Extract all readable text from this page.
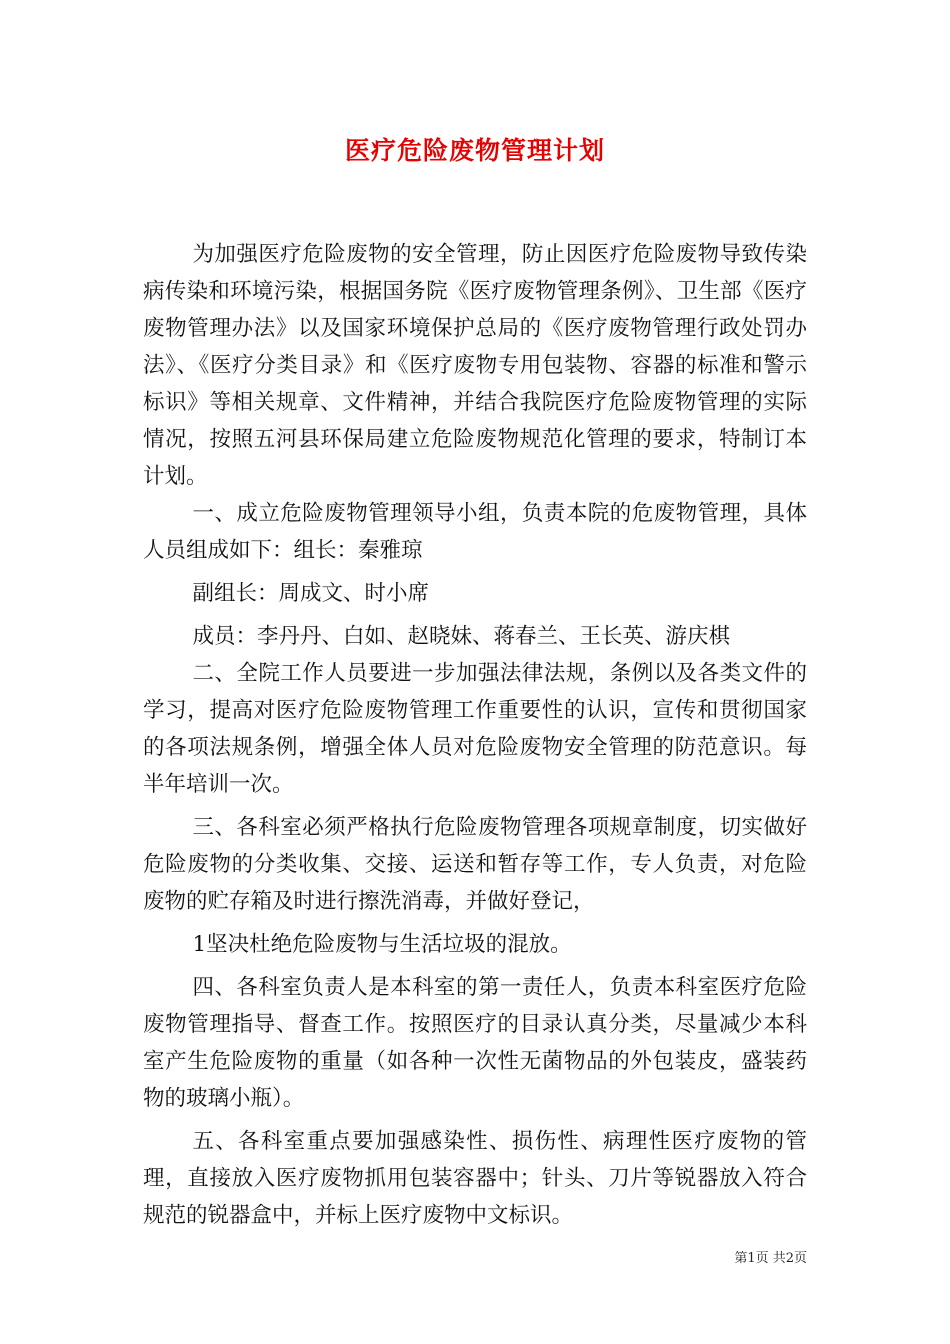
医疗危险废物管理计划

为加强医疗危险废物的安全管理，防止因医疗危险废物导致传染病传染和环境污染，根据国务院《医疗废物管理条例》、卫生部《医疗废物管理办法》以及国家环境保护总局的《医疗废物管理行政处罚办法》、《医疗分类目录》和《医疗废物专用包装物、容器的标准和警示标识》等相关规章、文件精神，并结合我院医疗危险废物管理的实际情况，按照五河县环保局建立危险废物规范化管理的要求，特制订本计划。

一、成立危险废物管理领导小组，负责本院的危废物管理，具体人员组成如下：组长：秦雅琼

副组长：周成文、时小席

成员：李丹丹、白如、赵晓妹、蒋春兰、王长英、游庆棋

二、全院工作人员要进一步加强法律法规，条例以及各类文件的学习，提高对医疗危险废物管理工作重要性的认识，宣传和贯彻国家的各项法规条例，增强全体人员对危险废物安全管理的防范意识。每半年培训一次。

三、各科室必须严格执行危险废物管理各项规章制度，切实做好危险废物的分类收集、交接、运送和暂存等工作，专人负责，对危险废物的贮存箱及时进行擦洗消毒，并做好登记，

1坚决杜绝危险废物与生活垃圾的混放。

四、各科室负责人是本科室的第一责任人，负责本科室医疗危险废物管理指导、督查工作。按照医疗的目录认真分类，尽量减少本科室产生危险废物的重量（如各种一次性无菌物品的外包装皮，盛装药物的玻璃小瓶）。

五、各科室重点要加强感染性、损伤性、病理性医疗废物的管理，直接放入医疗废物抓用包装容器中；针头、刀片等锐器放入符合规范的锐器盒中，并标上医疗废物中文标识。

第1页 共2页
